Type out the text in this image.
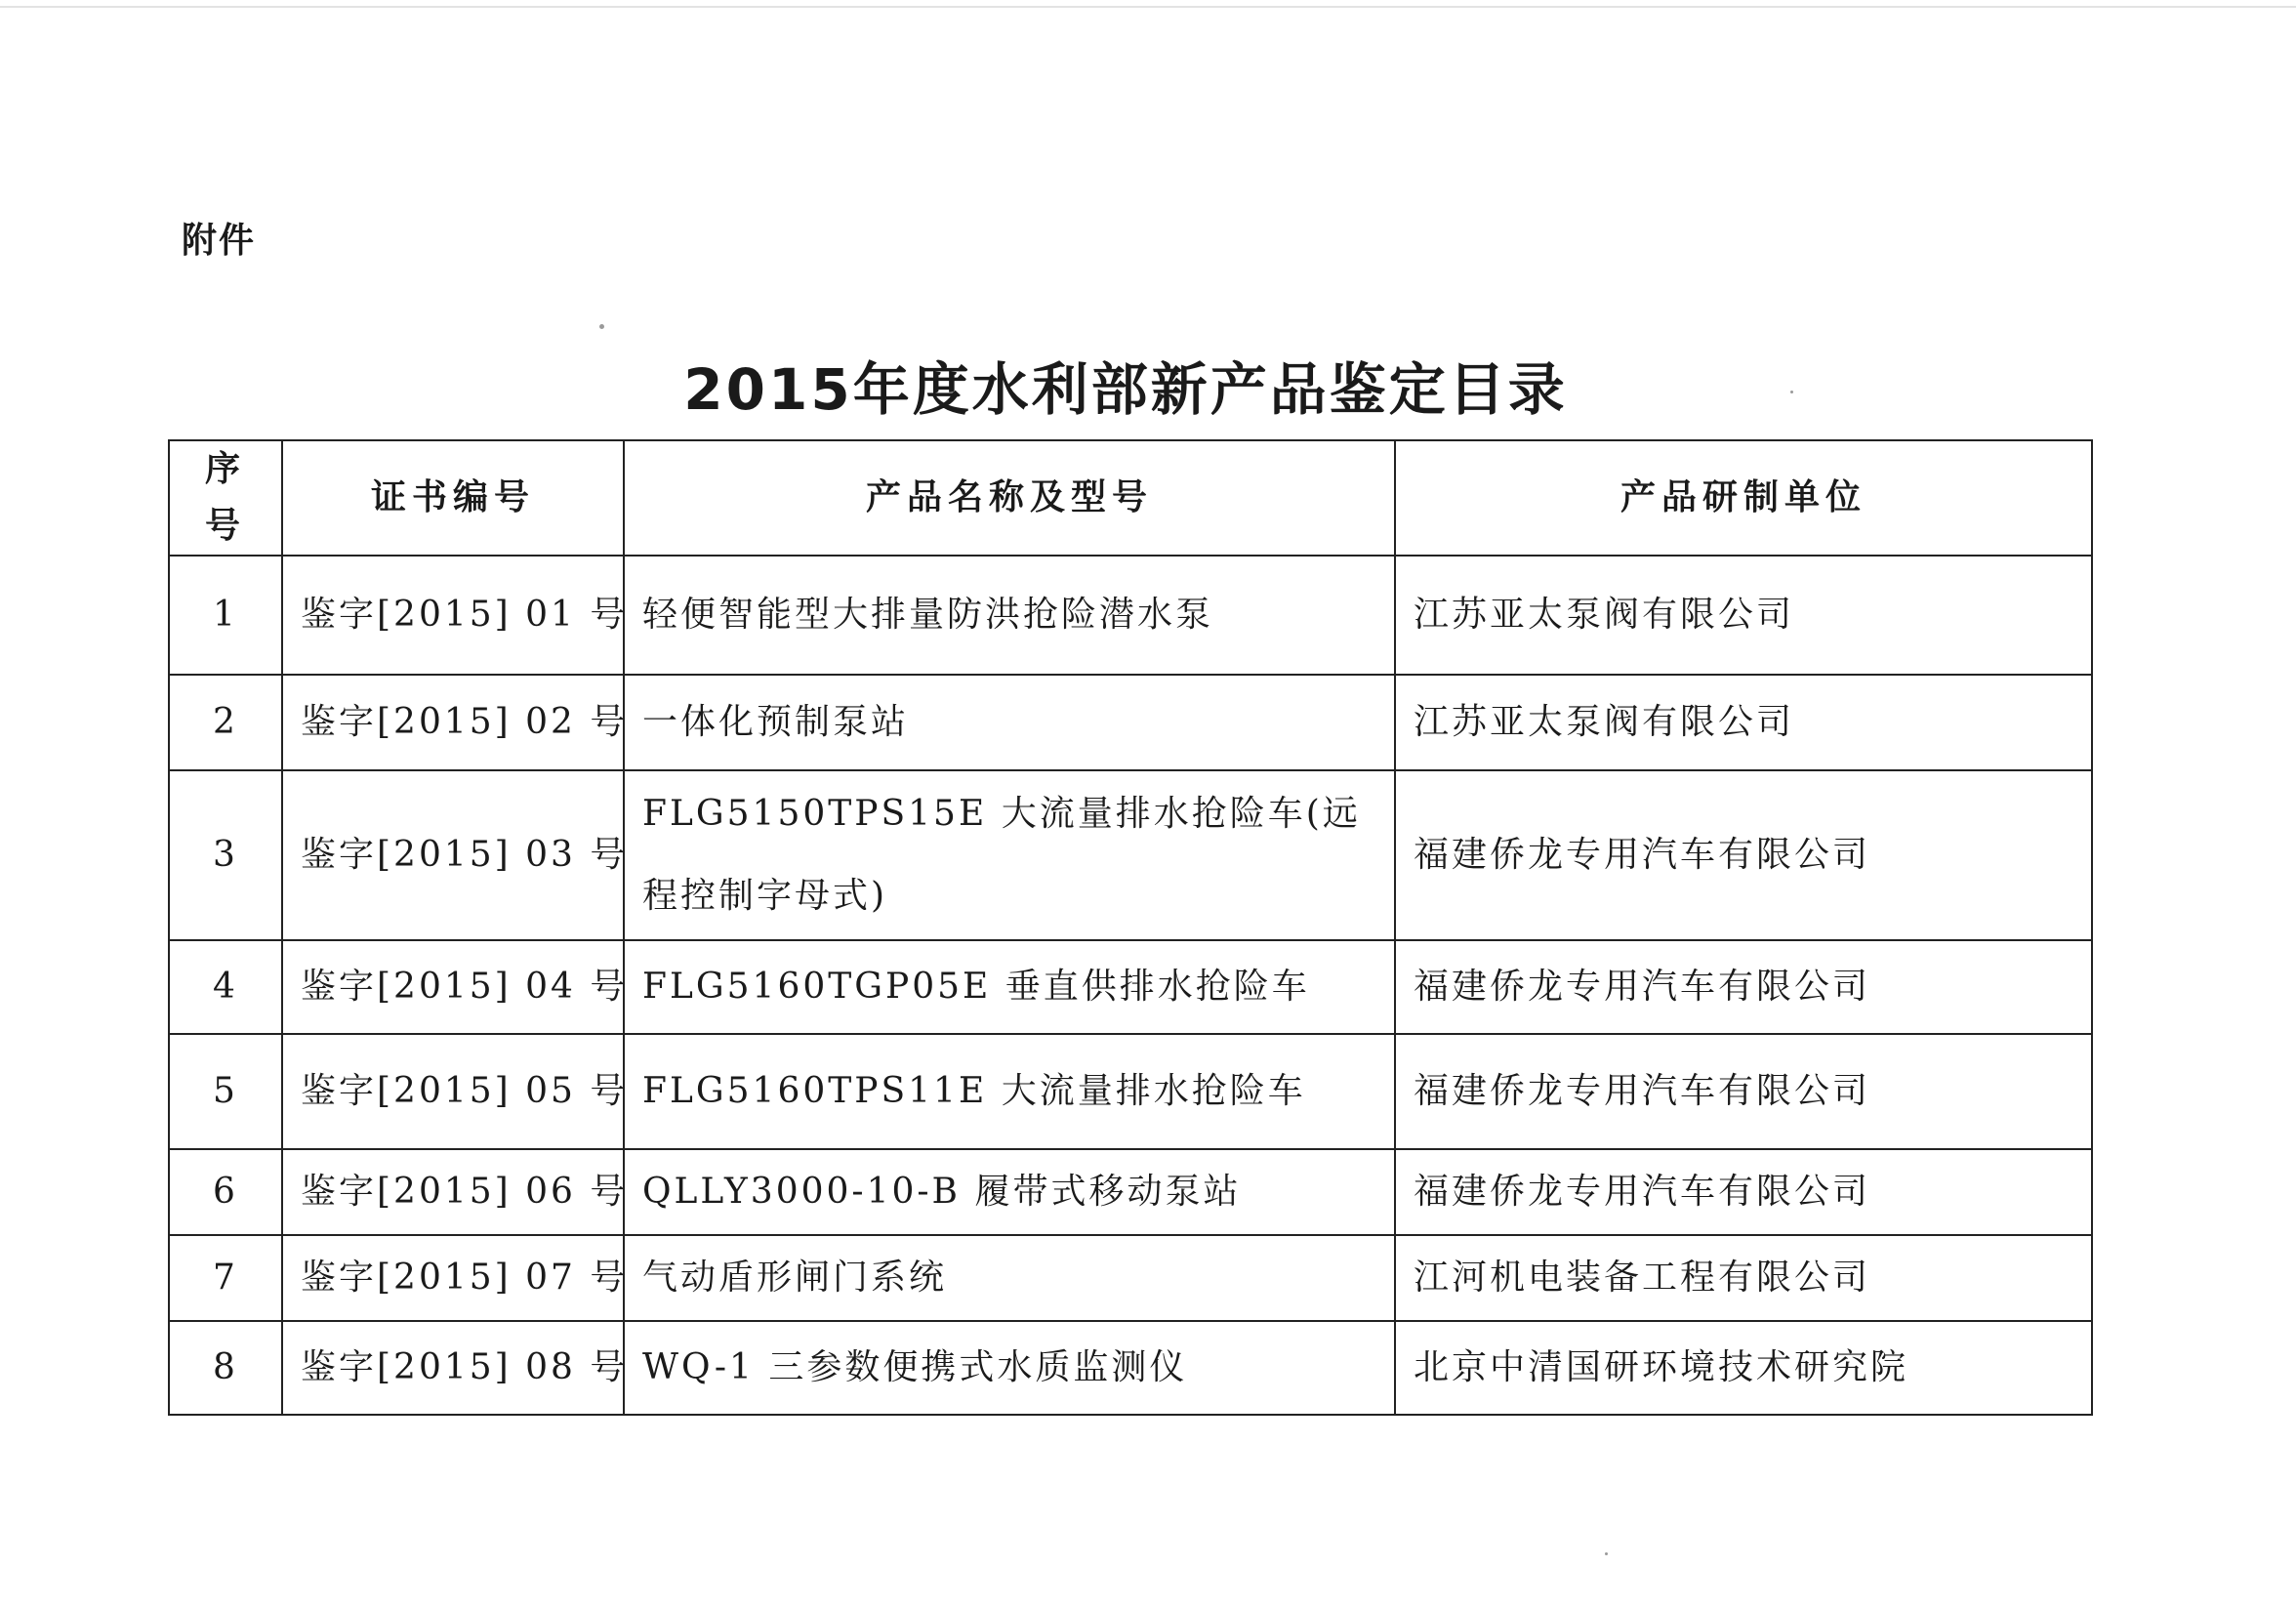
附件
2015年度水利部新产品鉴定目录
序号	证书编号	产品名称及型号	产品研制单位
1	鉴字[2015] 01 号	轻便智能型大排量防洪抢险潜水泵	江苏亚太泵阀有限公司
2	鉴字[2015] 02 号	一体化预制泵站	江苏亚太泵阀有限公司
3	鉴字[2015] 03 号	FLG5150TPS15E 大流量排水抢险车(远程控制字母式)	福建侨龙专用汽车有限公司
4	鉴字[2015] 04 号	FLG5160TGP05E 垂直供排水抢险车	福建侨龙专用汽车有限公司
5	鉴字[2015] 05 号	FLG5160TPS11E 大流量排水抢险车	福建侨龙专用汽车有限公司
6	鉴字[2015] 06 号	QLLY3000-10-B 履带式移动泵站	福建侨龙专用汽车有限公司
7	鉴字[2015] 07 号	气动盾形闸门系统	江河机电装备工程有限公司
8	鉴字[2015] 08 号	WQ-1 三参数便携式水质监测仪	北京中清国研环境技术研究院
